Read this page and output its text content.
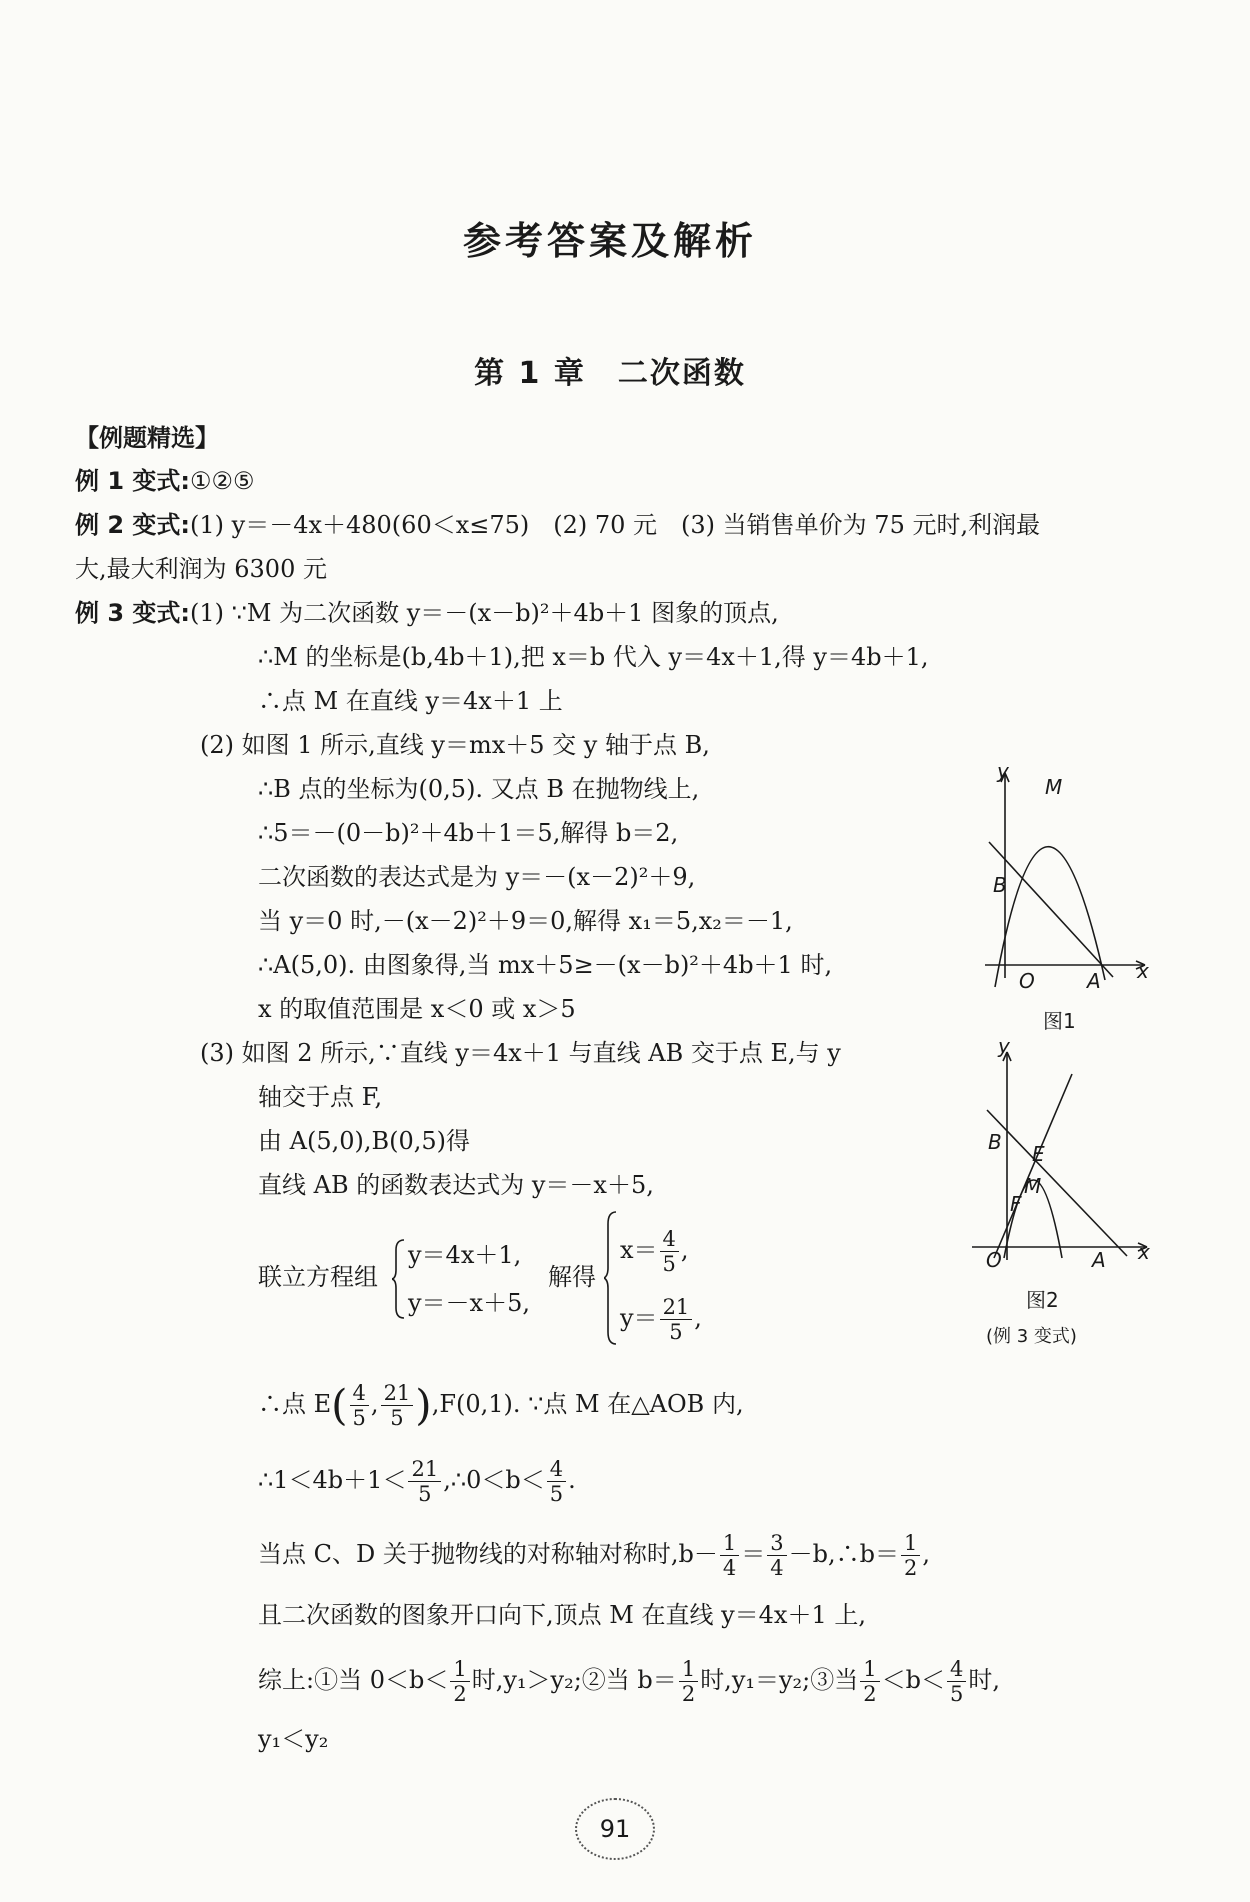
参考答案及解析
第 1 章　二次函数
【例题精选】
例 1 变式:①②⑤
例 2 变式:(1) y＝－4x＋480(60＜x≤75)　(2) 70 元　(3) 当销售单价为 75 元时,利润最
大,最大利润为 6300 元
例 3 变式:(1) ∵M 为二次函数 y＝－(x－b)²＋4b＋1 图象的顶点,
∴M 的坐标是(b,4b＋1),把 x＝b 代入 y＝4x＋1,得 y＝4b＋1,
∴点 M 在直线 y＝4x＋1 上
(2) 如图 1 所示,直线 y＝mx＋5 交 y 轴于点 B,
∴B 点的坐标为(0,5). 又点 B 在抛物线上,
∴5＝－(0－b)²＋4b＋1＝5,解得 b＝2,
二次函数的表达式是为 y＝－(x－2)²＋9,
当 y＝0 时,－(x－2)²＋9＝0,解得 x₁＝5,x₂＝－1,
∴A(5,0). 由图象得,当 mx＋5≥－(x－b)²＋4b＋1 时,
x 的取值范围是 x＜0 或 x＞5
(3) 如图 2 所示,∵直线 y＝4x＋1 与直线 AB 交于点 E,与 y
轴交于点 F,
由 A(5,0),B(0,5)得
直线 AB 的函数表达式为 y＝－x＋5,
联立方程组
y＝4x＋1,
y＝－x＋5,
解得
$x= \frac{4}{5}$ ,
$y= \frac{21}{5}$ ,
∴点 $E( \frac{4}{5}$ , $\frac{21}{5} ),F(0,1)$. ∵点 M 在△AOB 内,
∴1＜4b＋1＜ $\frac{21}{5}$ ,∴0＜b＜ $\frac{4}{5}$ .
当点 C、D 关于抛物线的对称轴对称时$,b- \frac{1}{4} = \frac{3}{4}$ －b,∴b＝ $\frac{1}{2}$ ,
且二次函数的图象开口向下,顶点 M 在直线 y＝4x＋1 上,
综上:①当 $0<b< \frac{1}{2}$ 时,y₁＞y₂;②当 $b= \frac{1}{2}$ 时,y₁＝y₂;③当 $\frac{1}{2} <b< \frac{4}{5}$ 时,
y₁＜y₂
y
x
M
B
O	A
图1
y
x
B E
M
F
O	A
图2
(例 3 变式)
91
